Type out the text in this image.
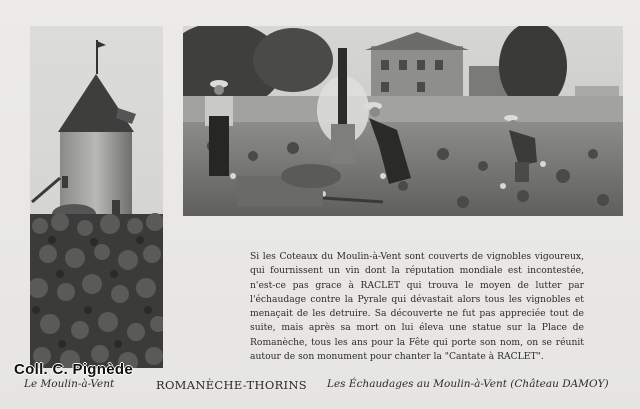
Si les Coteaux du Moulin-à-Vent sont couverts de vignobles vigoureux, qui fournissent un vin dont la réputation mondiale est incontestée, n'est-ce pas grace à RACLET qui trouva le moyen de lutter par l'échaudage contre la Pyrale qui dévastait alors tous les vignobles et menaçait de les detruire. Sa découverte ne fut pas appreciée tout de suite, mais après sa mort on lui éleva une statue sur la Place de Romanèche, tous les ans pour la Fête qui porte son nom, on se réunit autour de son monument pour chanter la "Cantate à RACLET".

Coll. C. Pignède
Le Moulin-à-Vent	ROMANÈCHE-THORINS Les Échaudages au Moulin-à-Vent (Château DAMOY)
